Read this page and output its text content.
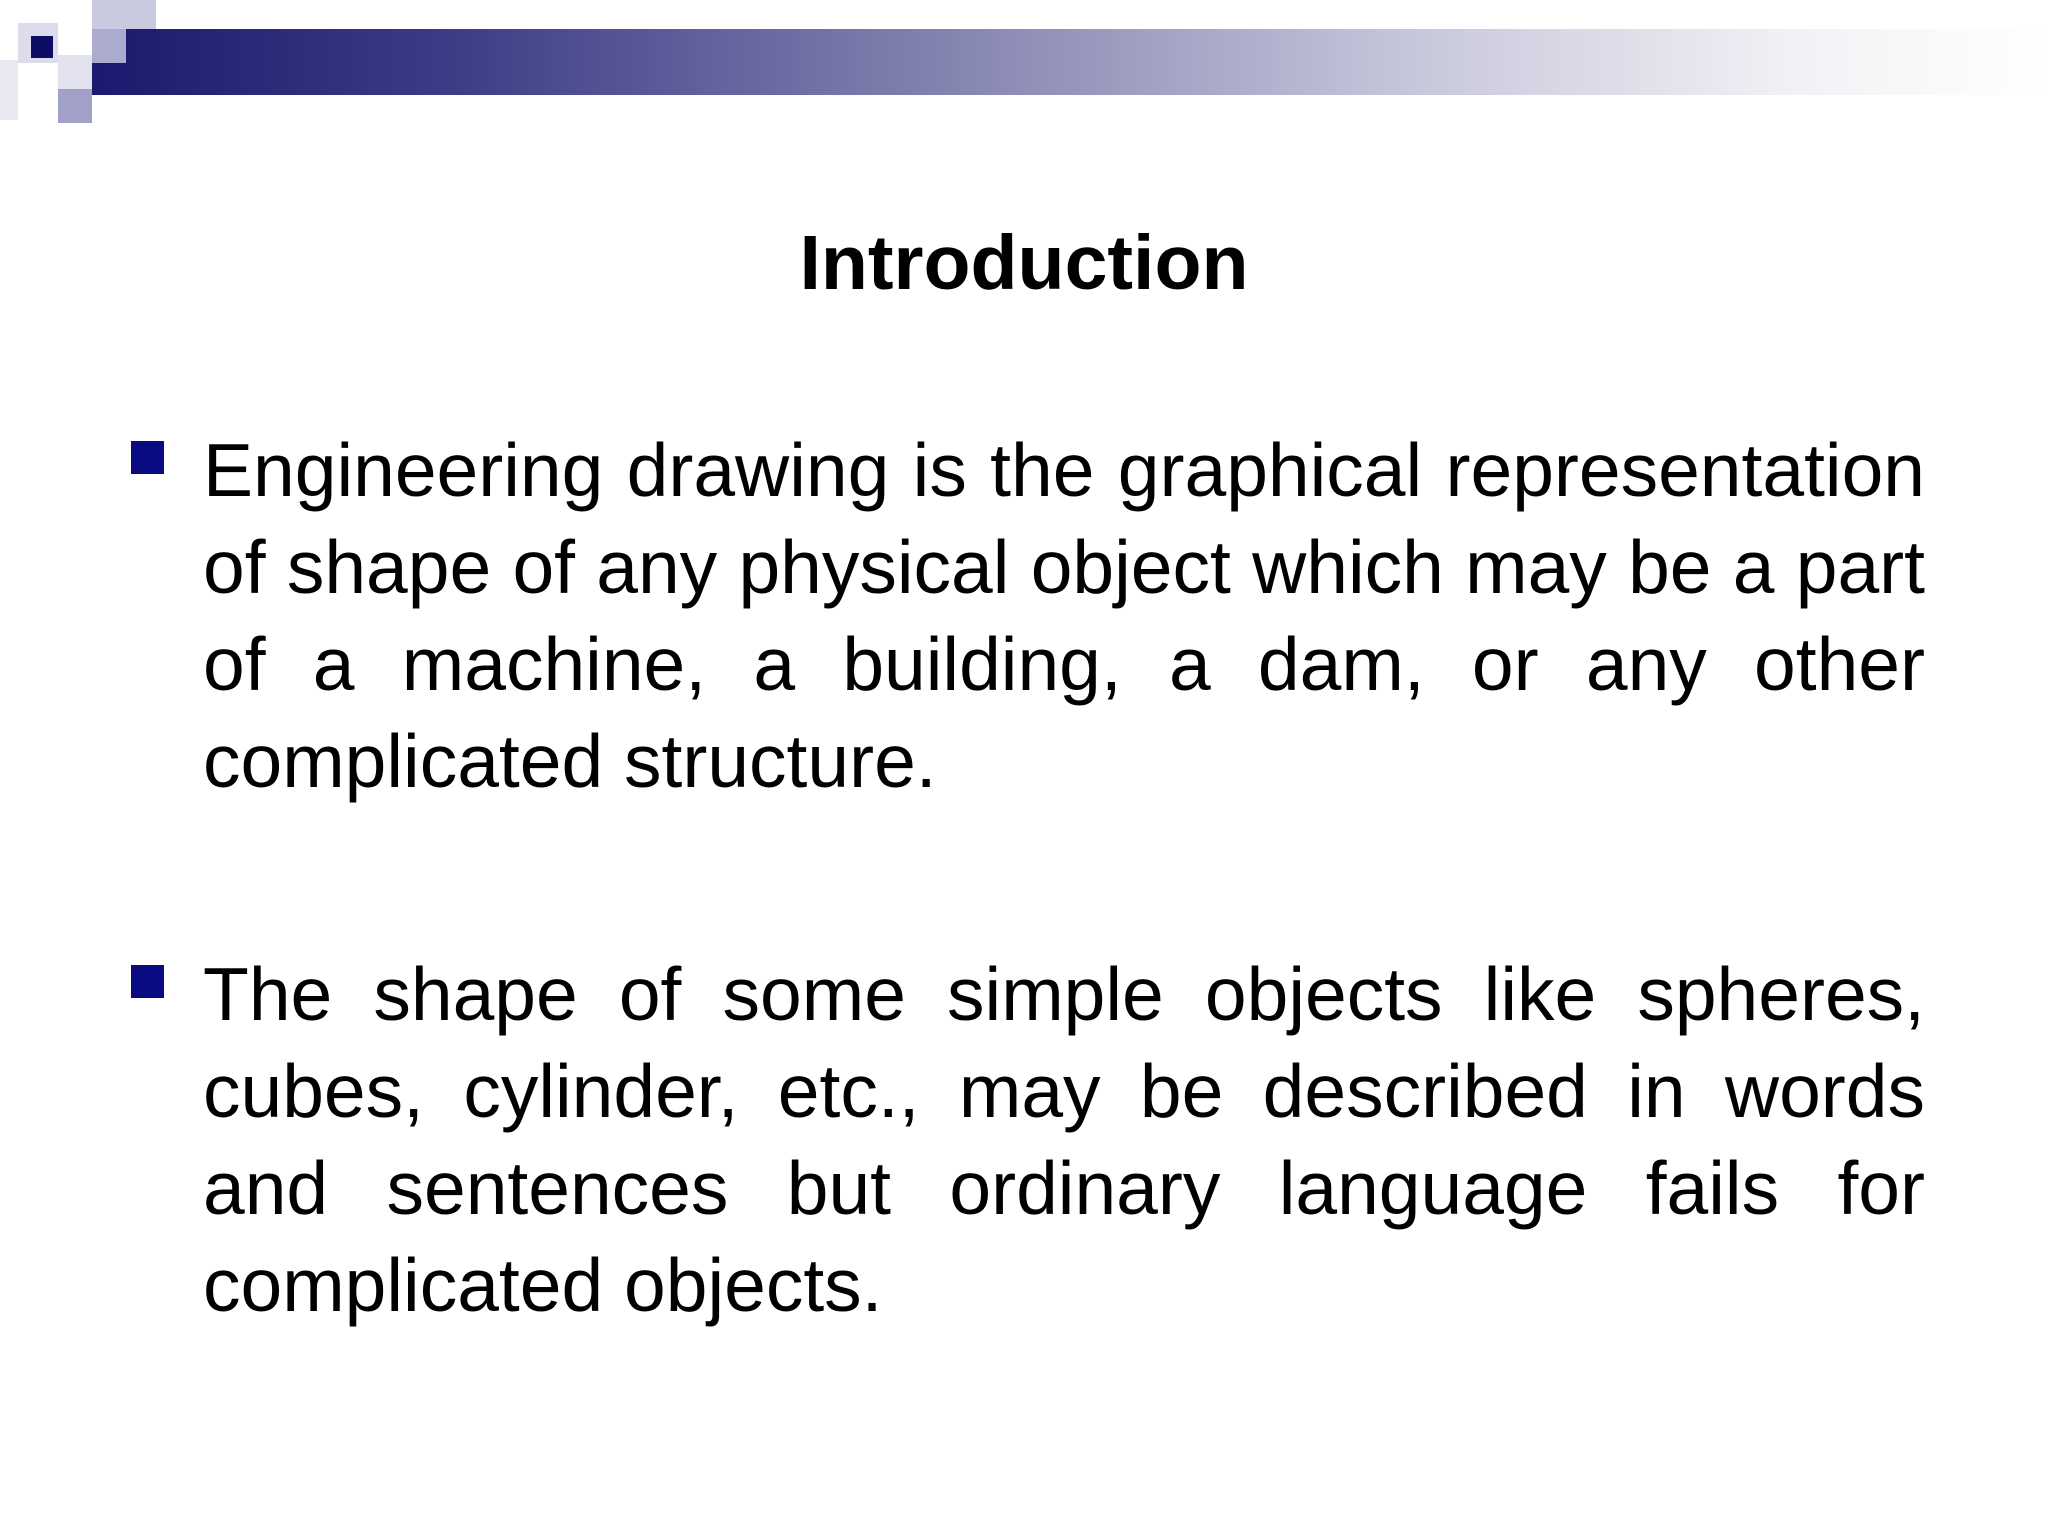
Introduction

Engineering drawing is the graphical representation of shape of any physical object which may be a part of a machine, a building, a dam, or any other complicated structure.

The shape of some simple objects like spheres, cubes, cylinder, etc., may be described in words and sentences but ordinary language fails for complicated objects.
